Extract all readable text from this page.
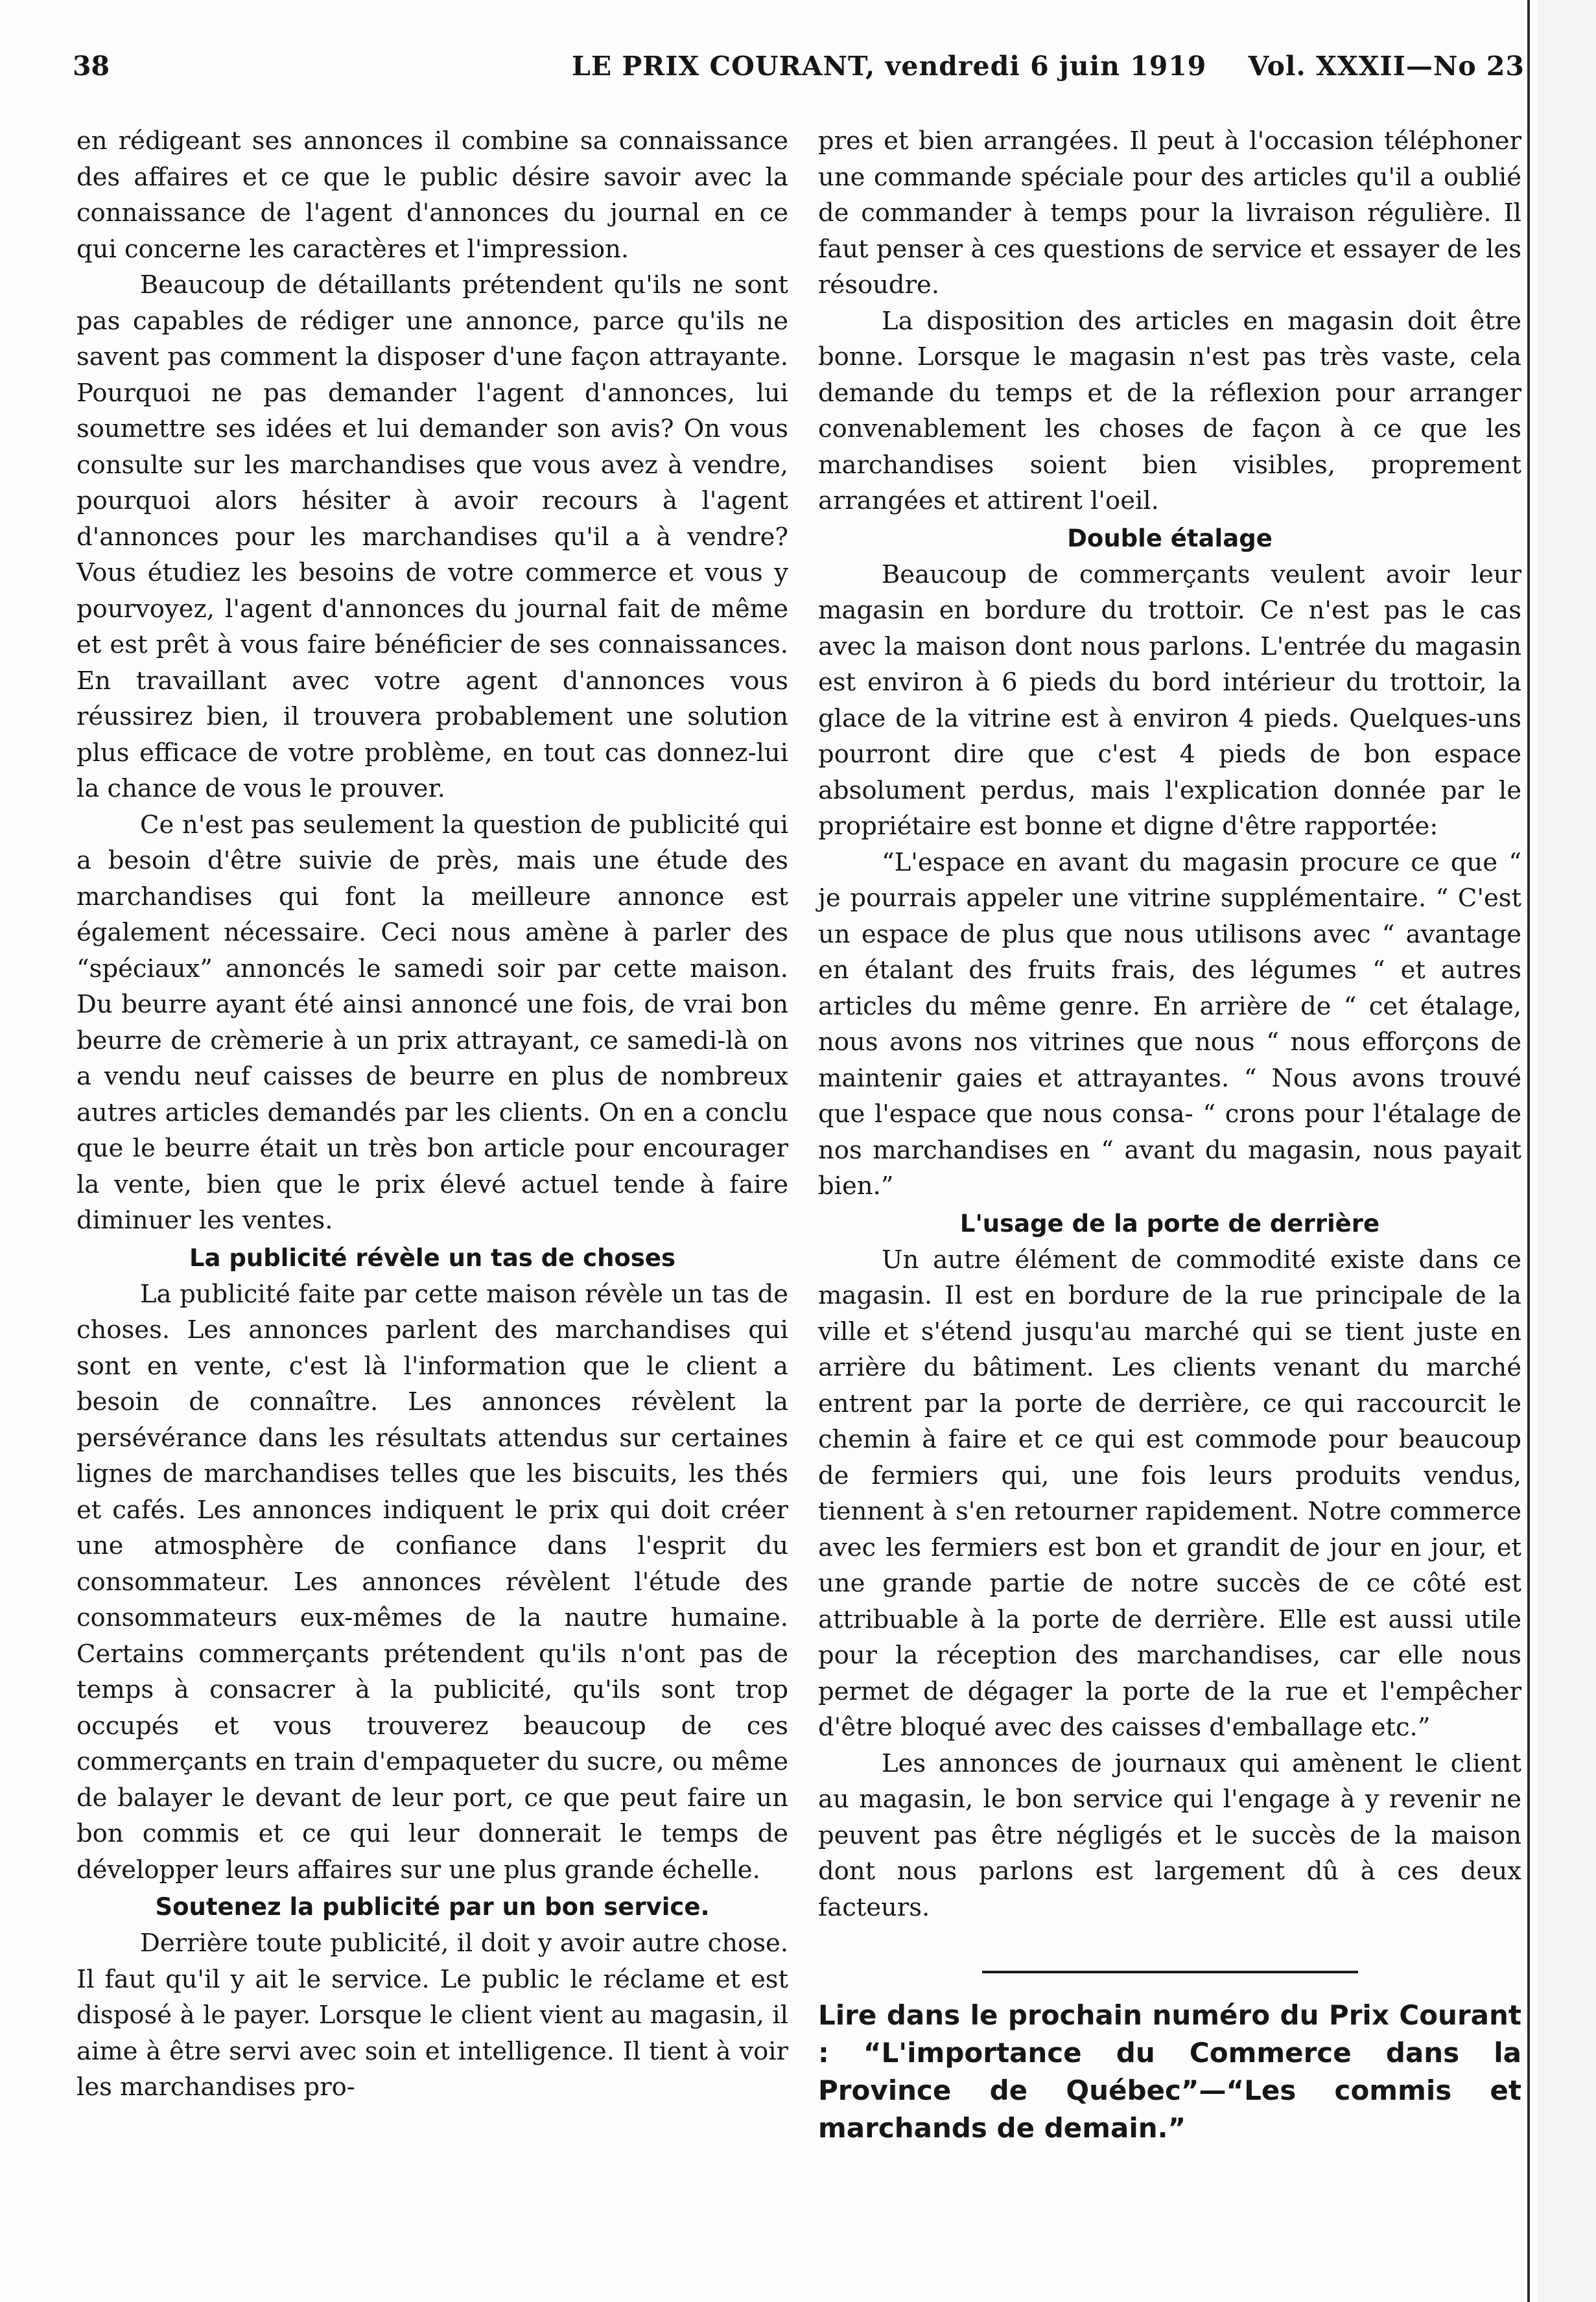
38	LE PRIX COURANT, vendredi 6 juin 1919 Vol. XXXII—No 23

en rédigeant ses annonces il combine sa connaissance des affaires et ce que le public désire savoir avec la connaissance de l'agent d'annonces du journal en ce qui concerne les caractères et l'impression.

Beaucoup de détaillants prétendent qu'ils ne sont pas capables de rédiger une annonce, parce qu'ils ne savent pas comment la disposer d'une façon attrayante. Pourquoi ne pas demander l'agent d'annonces, lui soumettre ses idées et lui demander son avis? On vous consulte sur les marchandises que vous avez à vendre, pourquoi alors hésiter à avoir recours à l'agent d'annonces pour les marchandises qu'il a à vendre? Vous étudiez les besoins de votre commerce et vous y pourvoyez, l'agent d'annonces du journal fait de même et est prêt à vous faire bénéficier de ses connaissances. En travaillant avec votre agent d'annonces vous réussirez bien, il trouvera probablement une solution plus efficace de votre problème, en tout cas donnez-lui la chance de vous le prouver.

Ce n'est pas seulement la question de publicité qui a besoin d'être suivie de près, mais une étude des marchandises qui font la meilleure annonce est également nécessaire. Ceci nous amène à parler des “spéciaux” annoncés le samedi soir par cette maison. Du beurre ayant été ainsi annoncé une fois, de vrai bon beurre de crèmerie à un prix attrayant, ce samedi-là on a vendu neuf caisses de beurre en plus de nombreux autres articles demandés par les clients. On en a conclu que le beurre était un très bon article pour encourager la vente, bien que le prix élevé actuel tende à faire diminuer les ventes.

La publicité révèle un tas de choses

La publicité faite par cette maison révèle un tas de choses. Les annonces parlent des marchandises qui sont en vente, c'est là l'information que le client a besoin de connaître. Les annonces révèlent la persévérance dans les résultats attendus sur certaines lignes de marchandises telles que les biscuits, les thés et cafés. Les annonces indiquent le prix qui doit créer une atmosphère de confiance dans l'esprit du consommateur. Les annonces révèlent l'étude des consommateurs eux-mêmes de la nautre humaine. Certains commerçants prétendent qu'ils n'ont pas de temps à consacrer à la publicité, qu'ils sont trop occupés et vous trouverez beaucoup de ces commerçants en train d'empaqueter du sucre, ou même de balayer le devant de leur port, ce que peut faire un bon commis et ce qui leur donnerait le temps de développer leurs affaires sur une plus grande échelle.

Soutenez la publicité par un bon service.

Derrière toute publicité, il doit y avoir autre chose. Il faut qu'il y ait le service. Le public le réclame et est disposé à le payer. Lorsque le client vient au magasin, il aime à être servi avec soin et intelligence. Il tient à voir les marchandises pro-

pres et bien arrangées. Il peut à l'occasion téléphoner une commande spéciale pour des articles qu'il a oublié de commander à temps pour la livraison régulière. Il faut penser à ces questions de service et essayer de les résoudre.

La disposition des articles en magasin doit être bonne. Lorsque le magasin n'est pas très vaste, cela demande du temps et de la réflexion pour arranger convenablement les choses de façon à ce que les marchandises soient bien visibles, proprement arrangées et attirent l'oeil.

Double étalage

Beaucoup de commerçants veulent avoir leur magasin en bordure du trottoir. Ce n'est pas le cas avec la maison dont nous parlons. L'entrée du magasin est environ à 6 pieds du bord intérieur du trottoir, la glace de la vitrine est à environ 4 pieds. Quelques-uns pourront dire que c'est 4 pieds de bon espace absolument perdus, mais l'explication donnée par le propriétaire est bonne et digne d'être rapportée:

“L'espace en avant du magasin procure ce que “ je pourrais appeler une vitrine supplémentaire. “ C'est un espace de plus que nous utilisons avec “ avantage en étalant des fruits frais, des légumes “ et autres articles du même genre. En arrière de “ cet étalage, nous avons nos vitrines que nous “ nous efforçons de maintenir gaies et attrayantes. “ Nous avons trouvé que l'espace que nous consa- “ crons pour l'étalage de nos marchandises en “ avant du magasin, nous payait bien.”

L'usage de la porte de derrière

Un autre élément de commodité existe dans ce magasin. Il est en bordure de la rue principale de la ville et s'étend jusqu'au marché qui se tient juste en arrière du bâtiment. Les clients venant du marché entrent par la porte de derrière, ce qui raccourcit le chemin à faire et ce qui est commode pour beaucoup de fermiers qui, une fois leurs produits vendus, tiennent à s'en retourner rapidement. Notre commerce avec les fermiers est bon et grandit de jour en jour, et une grande partie de notre succès de ce côté est attribuable à la porte de derrière. Elle est aussi utile pour la réception des marchandises, car elle nous permet de dégager la porte de la rue et l'empêcher d'être bloqué avec des caisses d'emballage etc.”

Les annonces de journaux qui amènent le client au magasin, le bon service qui l'engage à y revenir ne peuvent pas être négligés et le succès de la maison dont nous parlons est largement dû à ces deux facteurs.

Lire dans le prochain numéro du Prix Courant : “L'importance du Commerce dans la Province de Québec”—“Les commis et marchands de demain.”
